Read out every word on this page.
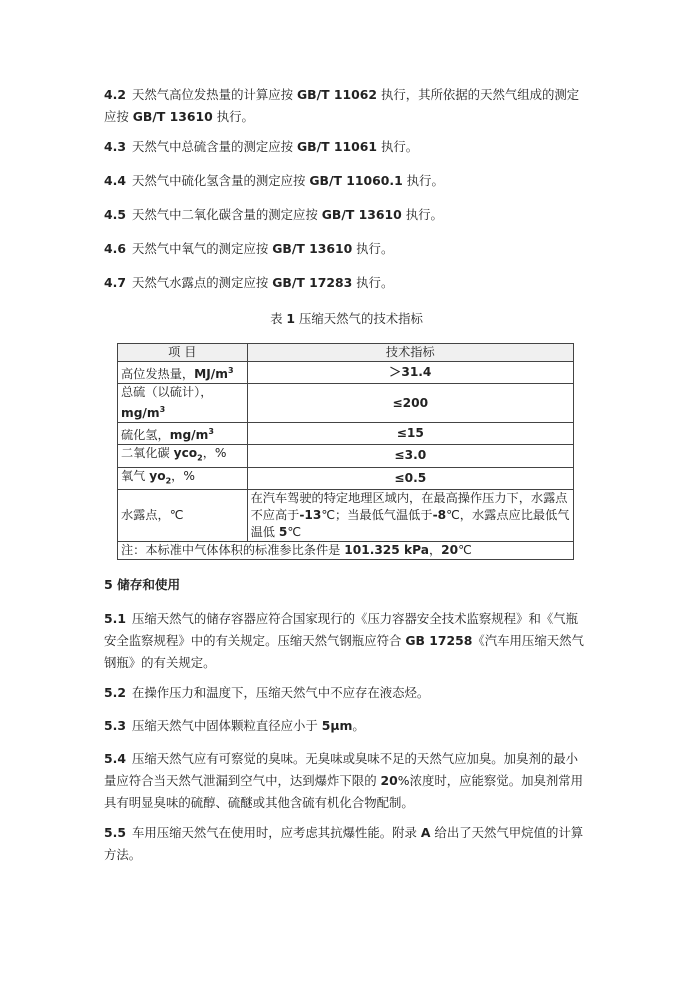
4.2 天然气高位发热量的计算应按 GB/T 11062 执行，其所依据的天然气组成的测定应按 GB/T 13610 执行。
4.3 天然气中总硫含量的测定应按 GB/T 11061 执行。
4.4 天然气中硫化氢含量的测定应按 GB/T 11060.1 执行。
4.5 天然气中二氧化碳含量的测定应按 GB/T 13610 执行。
4.6 天然气中氧气的测定应按 GB/T 13610 执行。
4.7 天然气水露点的测定应按 GB/T 17283 执行。
表 1 压缩天然气的技术指标
项 目	技术指标
高位发热量，$MJ/m^3$	＞31.4
总硫（以硫计），
$mg/m^3$	≤200
硫化氢，$mg/m^3$	≤15
二氧化碳 yco$_2$，%	≤3.0
氧气 $yo_2$，%	≤0.5
水露点，℃	在汽车驾驶的特定地理区域内，在最高操作压力下，水露点不应高于-13℃；当最低气温低于-8℃，水露点应比最低气温低 5℃
注：本标准中气体体积的标准参比条件是 101.325 kPa，20℃	
5 储存和使用
5.1 压缩天然气的储存容器应符合国家现行的《压力容器安全技术监察规程》和《气瓶安全监察规程》中的有关规定。压缩天然气钢瓶应符合 GB 17258《汽车用压缩天然气钢瓶》的有关规定。
5.2 在操作压力和温度下，压缩天然气中不应存在液态烃。
5.3 压缩天然气中固体颗粒直径应小于 5μm。
5.4 压缩天然气应有可察觉的臭味。无臭味或臭味不足的天然气应加臭。加臭剂的最小量应符合当天然气泄漏到空气中，达到爆炸下限的 20%浓度时，应能察觉。加臭剂常用具有明显臭味的硫醇、硫醚或其他含硫有机化合物配制。
5.5 车用压缩天然气在使用时，应考虑其抗爆性能。附录 A 给出了天然气甲烷值的计算方法。
